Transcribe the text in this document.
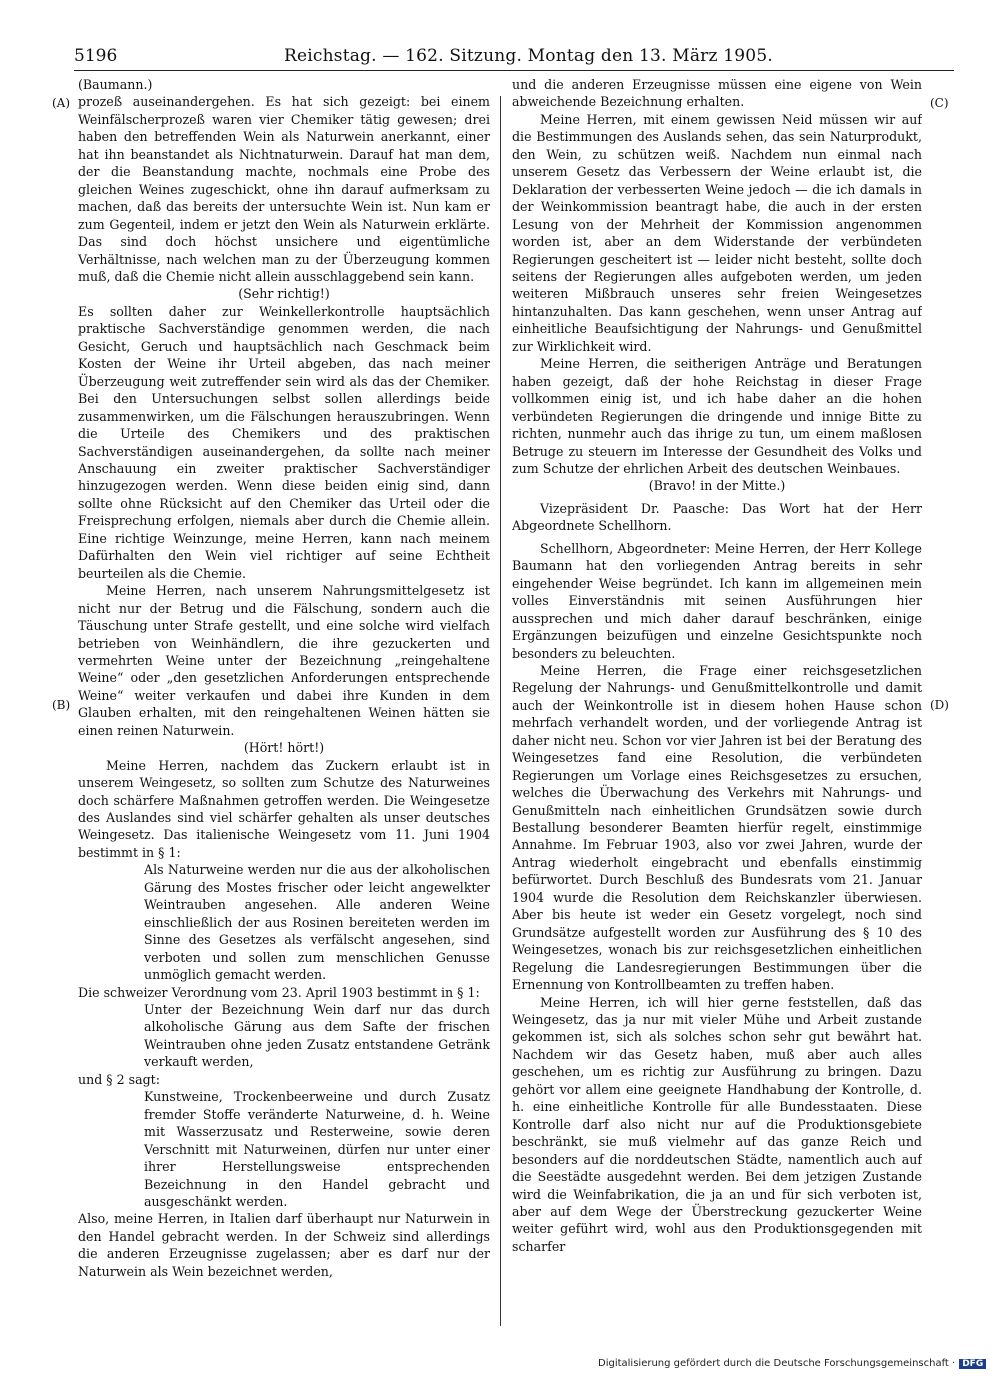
5196	Reichstag. — 162. Sitzung. Montag den 13. März 1905.
(A)
(B)
(C)
(D)

(Baumann.)

prozeß auseinandergehen. Es hat sich gezeigt: bei einem Weinfälscherprozeß waren vier Chemiker tätig gewesen; drei haben den betreffenden Wein als Naturwein anerkannt, einer hat ihn beanstandet als Nichtnaturwein. Darauf hat man dem, der die Beanstandung machte, nochmals eine Probe des gleichen Weines zugeschickt, ohne ihn darauf aufmerksam zu machen, daß das bereits der untersuchte Wein ist. Nun kam er zum Gegenteil, indem er jetzt den Wein als Naturwein erklärte. Das sind doch höchst unsichere und eigentümliche Verhältnisse, nach welchen man zu der Überzeugung kommen muß, daß die Chemie nicht allein ausschlaggebend sein kann.

(Sehr richtig!)

Es sollten daher zur Weinkellerkontrolle hauptsächlich praktische Sachverständige genommen werden, die nach Gesicht, Geruch und hauptsächlich nach Geschmack beim Kosten der Weine ihr Urteil abgeben, das nach meiner Überzeugung weit zutreffender sein wird als das der Chemiker. Bei den Untersuchungen selbst sollen allerdings beide zusammenwirken, um die Fälschungen herauszubringen. Wenn die Urteile des Chemikers und des praktischen Sachverständigen auseinandergehen, da sollte nach meiner Anschauung ein zweiter praktischer Sachverständiger hinzugezogen werden. Wenn diese beiden einig sind, dann sollte ohne Rücksicht auf den Chemiker das Urteil oder die Freisprechung erfolgen, niemals aber durch die Chemie allein. Eine richtige Weinzunge, meine Herren, kann nach meinem Dafürhalten den Wein viel richtiger auf seine Echtheit beurteilen als die Chemie.

Meine Herren, nach unserem Nahrungsmittelgesetz ist nicht nur der Betrug und die Fälschung, sondern auch die Täuschung unter Strafe gestellt, und eine solche wird vielfach betrieben von Weinhändlern, die ihre gezuckerten und vermehrten Weine unter der Bezeichnung „reingehaltene Weine“ oder „den gesetzlichen Anforderungen entsprechende Weine“ weiter verkaufen und dabei ihre Kunden in dem Glauben erhalten, mit den reingehaltenen Weinen hätten sie einen reinen Naturwein.

(Hört! hört!)

Meine Herren, nachdem das Zuckern erlaubt ist in unserem Weingesetz, so sollten zum Schutze des Naturweines doch schärfere Maßnahmen getroffen werden. Die Weingesetze des Auslandes sind viel schärfer gehalten als unser deutsches Weingesetz. Das italienische Weingesetz vom 11. Juni 1904 bestimmt in § 1:

Als Naturweine werden nur die aus der alkoholischen Gärung des Mostes frischer oder leicht angewelkter Weintrauben angesehen. Alle anderen Weine einschließlich der aus Rosinen bereiteten werden im Sinne des Gesetzes als verfälscht angesehen, sind verboten und sollen zum menschlichen Genusse unmöglich gemacht werden.

Die schweizer Verordnung vom 23. April 1903 bestimmt in § 1:

Unter der Bezeichnung Wein darf nur das durch alkoholische Gärung aus dem Safte der frischen Weintrauben ohne jeden Zusatz entstandene Getränk verkauft werden,

und § 2 sagt:

Kunstweine, Trockenbeerweine und durch Zusatz fremder Stoffe veränderte Naturweine, d. h. Weine mit Wasserzusatz und Resterweine, sowie deren Verschnitt mit Naturweinen, dürfen nur unter einer ihrer Herstellungsweise entsprechenden Bezeichnung in den Handel gebracht und ausgeschänkt werden.

Also, meine Herren, in Italien darf überhaupt nur Naturwein in den Handel gebracht werden. In der Schweiz sind allerdings die anderen Erzeugnisse zugelassen; aber es darf nur der Naturwein als Wein bezeichnet werden,

und die anderen Erzeugnisse müssen eine eigene von Wein abweichende Bezeichnung erhalten.

Meine Herren, mit einem gewissen Neid müssen wir auf die Bestimmungen des Auslands sehen, das sein Naturprodukt, den Wein, zu schützen weiß. Nachdem nun einmal nach unserem Gesetz das Verbessern der Weine erlaubt ist, die Deklaration der verbesserten Weine jedoch — die ich damals in der Weinkommission beantragt habe, die auch in der ersten Lesung von der Mehrheit der Kommission angenommen worden ist, aber an dem Widerstande der verbündeten Regierungen gescheitert ist — leider nicht besteht, sollte doch seitens der Regierungen alles aufgeboten werden, um jeden weiteren Mißbrauch unseres sehr freien Weingesetzes hintanzuhalten. Das kann geschehen, wenn unser Antrag auf einheitliche Beaufsichtigung der Nahrungs- und Genußmittel zur Wirklichkeit wird.

Meine Herren, die seitherigen Anträge und Beratungen haben gezeigt, daß der hohe Reichstag in dieser Frage vollkommen einig ist, und ich habe daher an die hohen verbündeten Regierungen die dringende und innige Bitte zu richten, nunmehr auch das ihrige zu tun, um einem maßlosen Betruge zu steuern im Interesse der Gesundheit des Volks und zum Schutze der ehrlichen Arbeit des deutschen Weinbaues.

(Bravo! in der Mitte.)

Vizepräsident Dr. Paasche: Das Wort hat der Herr Abgeordnete Schellhorn.

Schellhorn, Abgeordneter: Meine Herren, der Herr Kollege Baumann hat den vorliegenden Antrag bereits in sehr eingehender Weise begründet. Ich kann im allgemeinen mein volles Einverständnis mit seinen Ausführungen hier aussprechen und mich daher darauf beschränken, einige Ergänzungen beizufügen und einzelne Gesichtspunkte noch besonders zu beleuchten.

Meine Herren, die Frage einer reichsgesetzlichen Regelung der Nahrungs- und Genußmittelkontrolle und damit auch der Weinkontrolle ist in diesem hohen Hause schon mehrfach verhandelt worden, und der vorliegende Antrag ist daher nicht neu. Schon vor vier Jahren ist bei der Beratung des Weingesetzes fand eine Resolution, die verbündeten Regierungen um Vorlage eines Reichsgesetzes zu ersuchen, welches die Überwachung des Verkehrs mit Nahrungs- und Genußmitteln nach einheitlichen Grundsätzen sowie durch Bestallung besonderer Beamten hierfür regelt, einstimmige Annahme. Im Februar 1903, also vor zwei Jahren, wurde der Antrag wiederholt eingebracht und ebenfalls einstimmig befürwortet. Durch Beschluß des Bundesrats vom 21. Januar 1904 wurde die Resolution dem Reichskanzler überwiesen. Aber bis heute ist weder ein Gesetz vorgelegt, noch sind Grundsätze aufgestellt worden zur Ausführung des § 10 des Weingesetzes, wonach bis zur reichsgesetzlichen einheitlichen Regelung die Landesregierungen Bestimmungen über die Ernennung von Kontrollbeamten zu treffen haben.

Meine Herren, ich will hier gerne feststellen, daß das Weingesetz, das ja nur mit vieler Mühe und Arbeit zustande gekommen ist, sich als solches schon sehr gut bewährt hat. Nachdem wir das Gesetz haben, muß aber auch alles geschehen, um es richtig zur Ausführung zu bringen. Dazu gehört vor allem eine geeignete Handhabung der Kontrolle, d. h. eine einheitliche Kontrolle für alle Bundesstaaten. Diese Kontrolle darf also nicht nur auf die Produktionsgebiete beschränkt, sie muß vielmehr auf das ganze Reich und besonders auf die norddeutschen Städte, namentlich auch auf die Seestädte ausgedehnt werden. Bei dem jetzigen Zustande wird die Weinfabrikation, die ja an und für sich verboten ist, aber auf dem Wege der Überstreckung gezuckerter Weine weiter geführt wird, wohl aus den Produktionsgegenden mit scharfer

Digitalisierung gefördert durch die Deutsche Forschungsgemeinschaft · DFG
